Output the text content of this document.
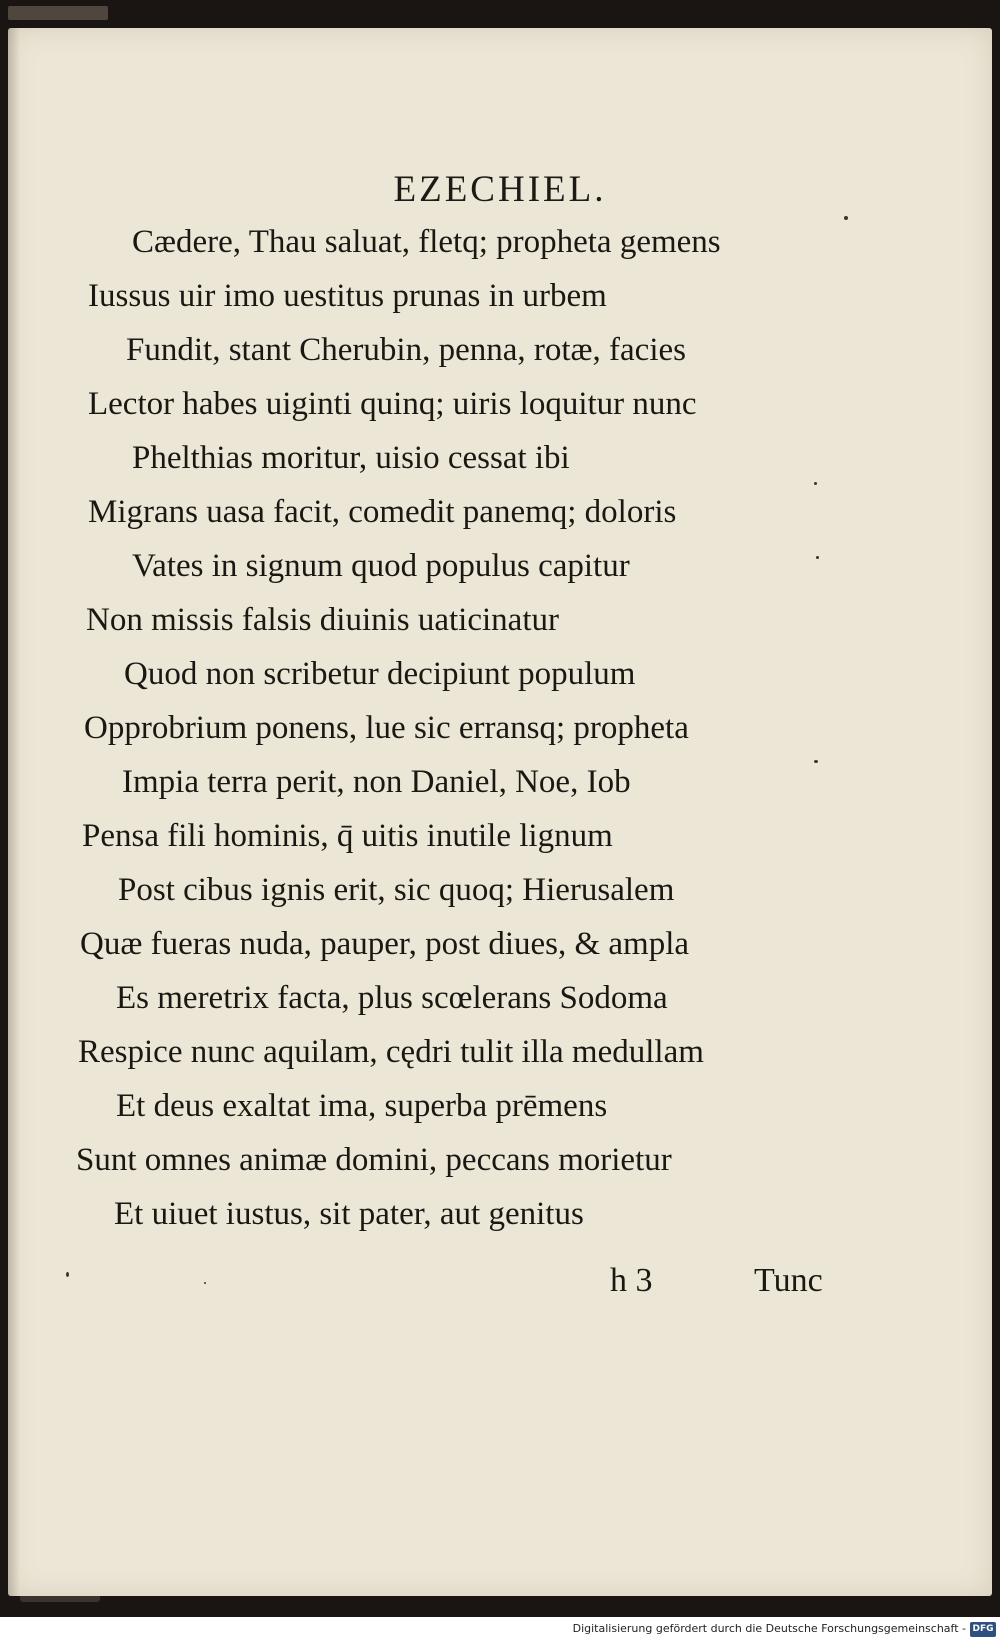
EZECHIEL.
Cædere, Thau saluat, fletq; propheta gemens
Iussus uir imo uestitus prunas in urbem
Fundit, stant Cherubin, penna, rotæ, facies
Lector habes uiginti quinq; uiris loquitur nunc
Phelthias moritur, uisio cessat ibi
Migrans uasa facit, comedit panemq; doloris
Vates in signum quod populus capitur
Non missis falsis diuinis uaticinatur
Quod non scribetur decipiunt populum
Opprobrium ponens, lue sic erransq; propheta
Impia terra perit, non Daniel, Noe, Iob
Pensa fili hominis, q̄ uitis inutile lignum
Post cibus ignis erit, sic quoq; Hierusalem
Quæ fueras nuda, pauper, post diues, & ampla
Es meretrix facta, plus scœlerans Sodoma
Respice nunc aquilam, cędri tulit illa medullam
Et deus exaltat ima, superba prēmens
Sunt omnes animæ domini, peccans morietur
Et uiuet iustus, sit pater, aut genitus
h 3	Tunc
Digitalisierung gefördert durch die Deutsche Forschungsgemeinschaft - DFG
